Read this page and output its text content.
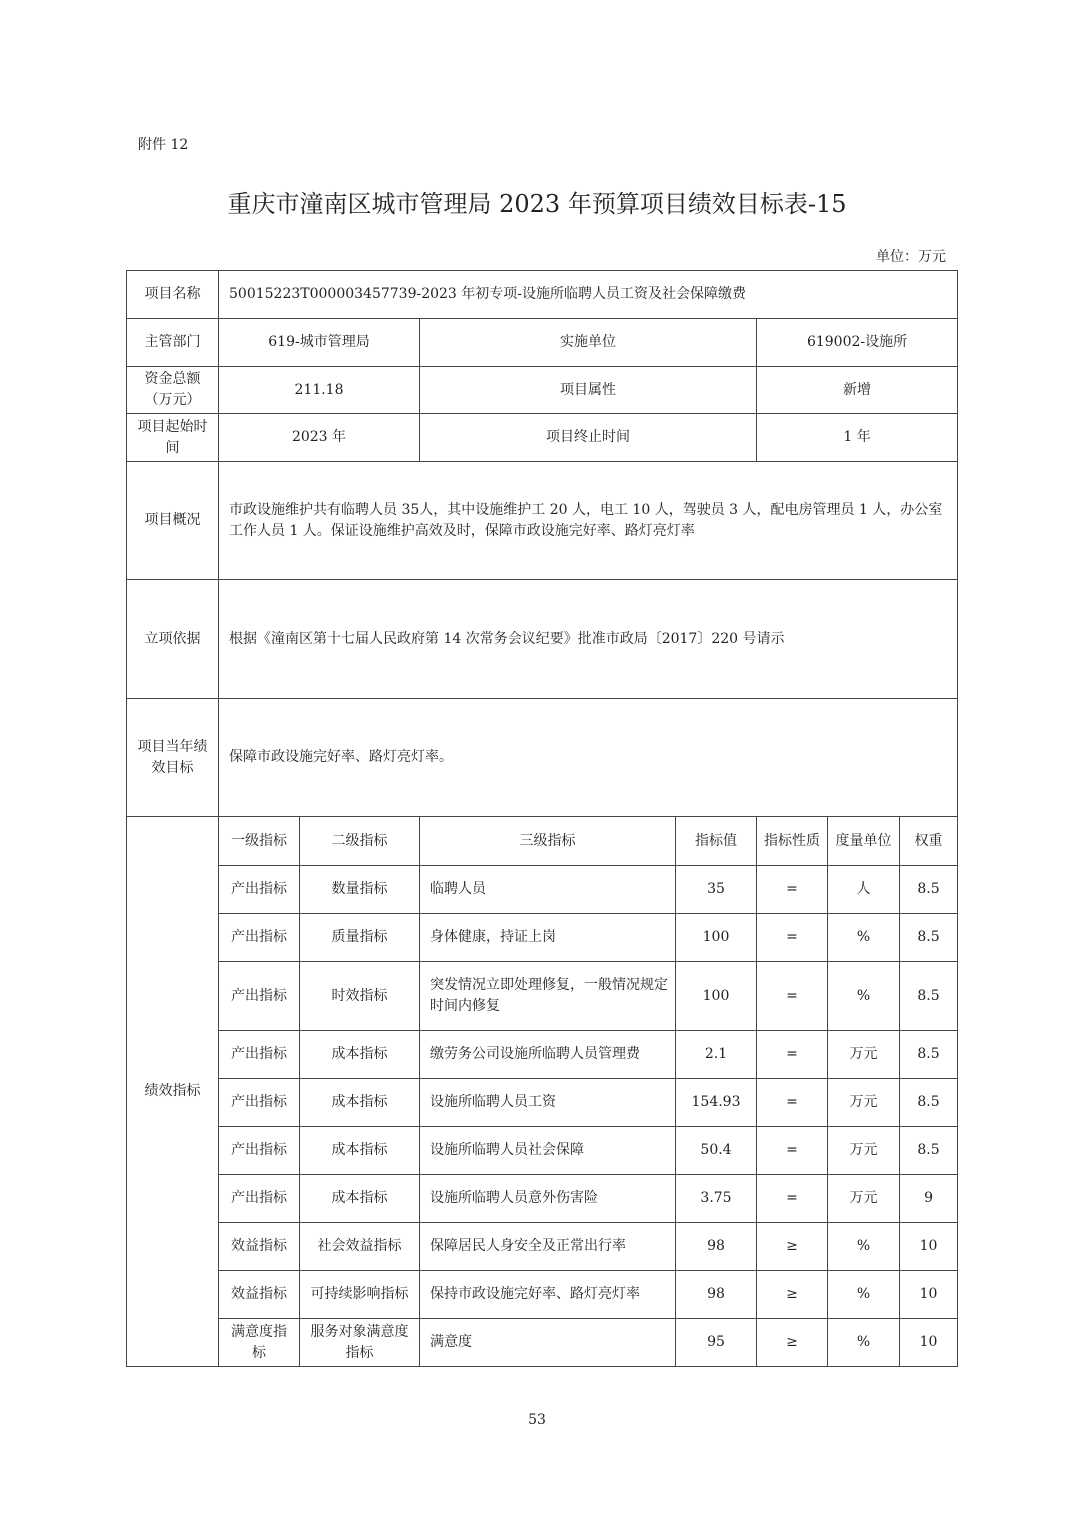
附件 12
重庆市潼南区城市管理局 2023 年预算项目绩效目标表-15
单位：万元
项目名称	50015223T000003457739-2023 年初专项-设施所临聘人员工资及社会保障缴费						
主管部门	619-城市管理局		实施单位		619002-设施所		
资金总额（万元）	211.18		项目属性		新增		
项目起始时间	2023 年		项目终止时间		1 年		
项目概况	市政设施维护共有临聘人员 35人，其中设施维护工 20 人，电工 10 人，驾驶员 3 人，配电房管理员 1 人，办公室工作人员 1 人。保证设施维护高效及时，保障市政设施完好率、路灯亮灯率						
立项依据	根据《潼南区第十七届人民政府第 14 次常务会议纪要》批准市政局〔2017〕220 号请示						
项目当年绩效目标	保障市政设施完好率、路灯亮灯率。						
绩效指标	一级指标	二级指标	三级指标	指标值	指标性质	度量单位	权重
	产出指标	数量指标	临聘人员	35	=	人	8.5
	产出指标	质量指标	身体健康，持证上岗	100	=	%	8.5
	产出指标	时效指标	突发情况立即处理修复，一般情况规定时间内修复	100	=	%	8.5
	产出指标	成本指标	缴劳务公司设施所临聘人员管理费	2.1	=	万元	8.5
	产出指标	成本指标	设施所临聘人员工资	154.93	=	万元	8.5
	产出指标	成本指标	设施所临聘人员社会保障	50.4	=	万元	8.5
	产出指标	成本指标	设施所临聘人员意外伤害险	3.75	=	万元	9
	效益指标	社会效益指标	保障居民人身安全及正常出行率	98	≥	%	10
	效益指标	可持续影响指标	保持市政设施完好率、路灯亮灯率	98	≥	%	10
	满意度指标	服务对象满意度指标	满意度	95	≥	%	10
53
